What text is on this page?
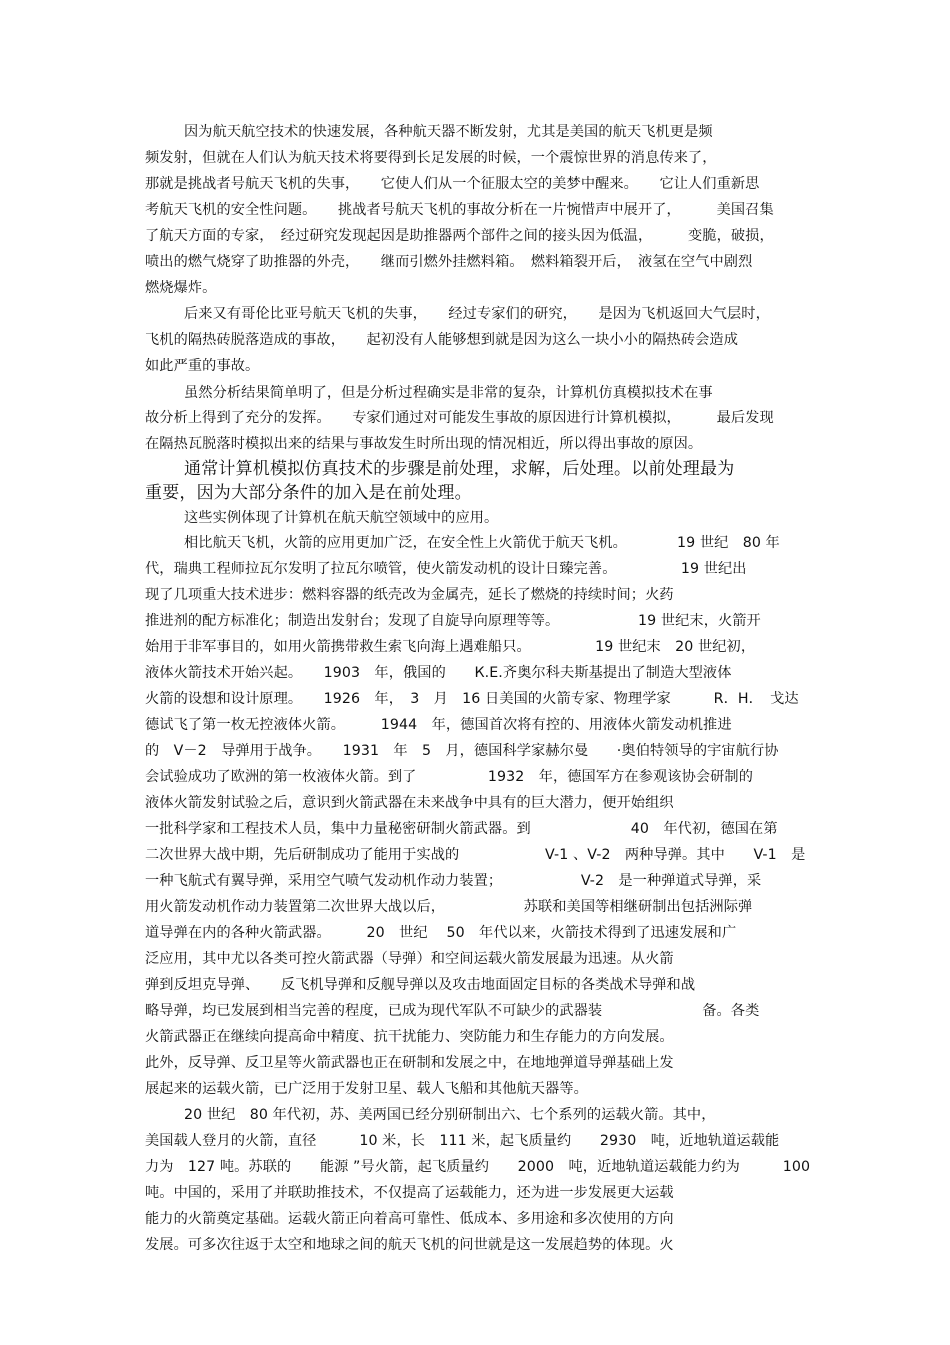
因为航天航空技术的快速发展，各种航天器不断发射，尤其是美国的航天飞机更是频
频发射，但就在人们认为航天技术将要得到长足发展的时候，一个震惊世界的消息传来了，
那就是挑战者号航天飞机的失事，　　它使人们从一个征服太空的美梦中醒来。　　它让人们重新思
考航天飞机的安全性问题。　　挑战者号航天飞机的事故分析在一片惋惜声中展开了，　　　美国召集
了航天方面的专家，　经过研究发现起因是助推器两个部件之间的接头因为低温，　　　变脆，破损，
喷出的燃气烧穿了助推器的外壳，　　继而引燃外挂燃料箱。　燃料箱裂开后，　液氢在空气中剧烈
燃烧爆炸。
后来又有哥伦比亚号航天飞机的失事，　　经过专家们的研究，　　是因为飞机返回大气层时，
飞机的隔热砖脱落造成的事故，　　起初没有人能够想到就是因为这么一块小小的隔热砖会造成
如此严重的事故。
虽然分析结果简单明了，但是分析过程确实是非常的复杂，计算机仿真模拟技术在事
故分析上得到了充分的发挥。　　专家们通过对可能发生事故的原因进行计算机模拟，　　　最后发现
在隔热瓦脱落时模拟出来的结果与事故发生时所出现的情况相近，所以得出事故的原因。
通常计算机模拟仿真技术的步骤是前处理，求解，后处理。以前处理最为
重要，因为大部分条件的加入是在前处理。
这些实例体现了计算机在航天航空领域中的应用。
相比航天飞机，火箭的应用更加广泛，在安全性上火箭优于航天飞机。　　　　19 世纪　80 年
代，瑞典工程师拉瓦尔发明了拉瓦尔喷管，使火箭发动机的设计日臻完善。　　　　　19 世纪出
现了几项重大技术进步：燃料容器的纸壳改为金属壳，延长了燃烧的持续时间；火药
推进剂的配方标准化；制造出发射台；发现了自旋导向原理等等。　　　　　　19 世纪末，火箭开
始用于非军事目的，如用火箭携带救生索飞向海上遇难船只。　　　　　19 世纪末　20 世纪初，
液体火箭技术开始兴起。　　1903　年，俄国的　　К.Е.齐奥尔科夫斯基提出了制造大型液体
火箭的设想和设计原理。　　1926　年，　3　月　16 日美国的火箭专家、物理学家　　　R．H．　戈达
德试飞了第一枚无控液体火箭。　　　1944　年，德国首次将有控的、用液体火箭发动机推进
的　V－2　导弹用于战争。　　1931　年　5　月，德国科学家赫尔曼　　·奥伯特领导的宇宙航行协
会试验成功了欧洲的第一枚液体火箭。到了　　　　　1932　年，德国军方在参观该协会研制的
液体火箭发射试验之后，意识到火箭武器在未来战争中具有的巨大潜力，便开始组织
一批科学家和工程技术人员，集中力量秘密研制火箭武器。到　　　　　　　40　年代初，德国在第
二次世界大战中期，先后研制成功了能用于实战的　　　　　　V-1 、V-2　两种导弹。其中　　V-1　是
一种飞航式有翼导弹，采用空气喷气发动机作动力装置；　　　　　　V-2　是一种弹道式导弹，采
用火箭发动机作动力装置第二次世界大战以后，　　　　　　苏联和美国等相继研制出包括洲际弹
道导弹在内的各种火箭武器。　　　20　世纪　 50　年代以来，火箭技术得到了迅速发展和广
泛应用，其中尤以各类可控火箭武器（导弹）和空间运载火箭发展最为迅速。从火箭
弹到反坦克导弹、　　反飞机导弹和反舰导弹以及攻击地面固定目标的各类战术导弹和战
略导弹，均已发展到相当完善的程度，已成为现代军队不可缺少的武器装　　　　　　　备。各类
火箭武器正在继续向提高命中精度、抗干扰能力、突防能力和生存能力的方向发展。
此外，反导弹、反卫星等火箭武器也正在研制和发展之中，在地地弹道导弹基础上发
展起来的运载火箭，已广泛用于发射卫星、载人飞船和其他航天器等。
20 世纪　80 年代初，苏、美两国已经分别研制出六、七个系列的运载火箭。其中，
美国载人登月的火箭，直径　　　10 米，长　111 米，起飞质量约　　2930　吨，近地轨道运载能
力为　127 吨。苏联的　　能源 ”号火箭，起飞质量约　　2000　吨，近地轨道运载能力约为　　　100
吨。中国的，采用了并联助推技术，不仅提高了运载能力，还为进一步发展更大运载
能力的火箭奠定基础。运载火箭正向着高可靠性、低成本、多用途和多次使用的方向
发展。可多次往返于太空和地球之间的航天飞机的问世就是这一发展趋势的体现。火
